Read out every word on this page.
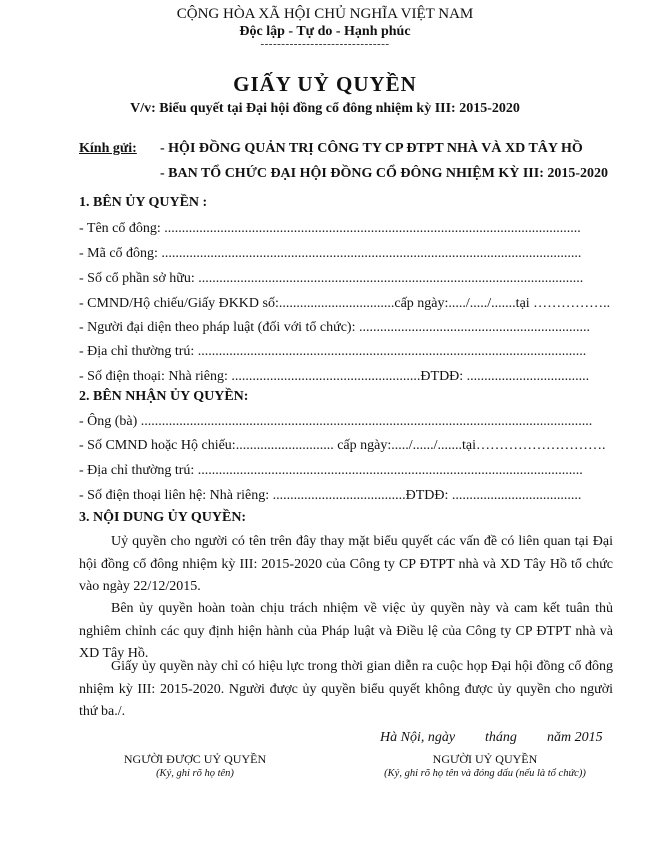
CỘNG HÒA XÃ HỘI CHỦ NGHĨA VIỆT NAM
Độc lập - Tự do - Hạnh phúc
-------------------------------
GIẤY UỶ QUYỀN
V/v: Biểu quyết tại Đại hội đồng cổ đông nhiệm kỳ III: 2015-2020
Kính gửi: - HỘI ĐỒNG QUẢN TRỊ CÔNG TY CP ĐTPT NHÀ VÀ XD TÂY HỒ
- BAN TỔ CHỨC ĐẠI HỘI ĐỒNG CỔ ĐÔNG NHIỆM KỲ III: 2015-2020
1. BÊN ỦY QUYỀN :
- Tên cổ đông: .......................................................................................................................
- Mã cổ đông: ........................................................................................................................
- Số cổ phần sở hữu: ..............................................................................................................
- CMND/Hộ chiếu/Giấy ĐKKD số:.................................cấp ngày:...../...../.......tại ……………..
- Người đại diện theo pháp luật (đối với tổ chức): ..................................................................
- Địa chỉ thường trú: ...............................................................................................................
- Số điện thoại: Nhà riêng: ......................................................ĐTDĐ: ...................................
2. BÊN NHẬN ỦY QUYỀN:
- Ông (bà) .................................................................................................................................
- Số CMND hoặc Hộ chiếu:............................ cấp ngày:...../....../.......tại……………………….
- Địa chỉ thường trú: ..............................................................................................................
- Số điện thoại liên hệ: Nhà riêng: ......................................ĐTDĐ: .....................................
3. NỘI DUNG ỦY QUYỀN:
Uỷ quyền cho người có tên trên đây thay mặt biểu quyết các vấn đề có liên quan tại Đại hội đồng cổ đông nhiệm kỳ III: 2015-2020 của Công ty CP ĐTPT nhà và XD Tây Hồ tổ chức vào ngày 22/12/2015.
Bên ủy quyền hoàn toàn chịu trách nhiệm về việc ủy quyền này và cam kết tuân thủ nghiêm chỉnh các quy định hiện hành của Pháp luật và Điều lệ của Công ty CP ĐTPT nhà và XD Tây Hồ.
Giấy ủy quyền này chỉ có hiệu lực trong thời gian diễn ra cuộc họp Đại hội đồng cổ đông nhiệm kỳ III: 2015-2020. Người được ủy quyền biểu quyết không được ủy quyền cho người thứ ba./.
Hà Nội, ngày tháng năm 2015
NGƯỜI ĐƯỢC UỶ QUYỀN
(Ký, ghi rõ họ tên)
NGƯỜI UỶ QUYỀN
(Ký, ghi rõ họ tên và đóng dấu (nếu là tổ chức))
